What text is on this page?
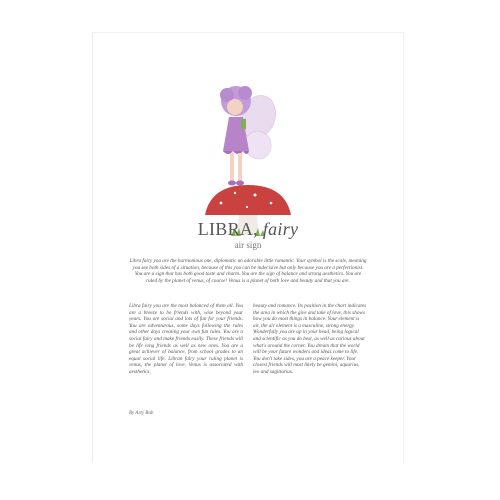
LIBRA, fairy
air sign

Libra fairy you are the harmonious one, diplomatic an adorable little romantic. Your symbol is the scale, meaning you see both sides of a situation, because of this you can be indecisive but only because you are a perfectionist. You are a sign that has both good taste and charm. You are the sign of balance and strong aesthetics. You are ruled by the planet of venus, of course! Venus is a planet of both love and beauty and that you are.

Libra fairy you are the most balanced of them all. You are a breeze to be friends with, wise beyond your years. You are social and lots of fun for your friends. You are adventurous, some days following the rules and other days creating your own fun rules. You are a social fairy and make friends easily. These friends will be life long friends as well as new ones. You are a great achiever of balance, from school grades to an equal social life. Libran fairy your ruling planet is venus, the planet of love. Venus is associated with aesthetics,

beauty and romance. Its position in the chart indicates the area in which the give and take of love, this shows how you do most things in balance. Your element is air, the air element is a masculine, strong energy. Wonderfully you are up in your head, being logical and scientific as you do best, as well as curious about what's around the corner. You dream that the world will be your future wonders and ideas come to life. You don't take sides, you are a peace keeper. Your closest friends will most likely be gemini, aquarius, leo and sagittarius.

By Arty Bub
